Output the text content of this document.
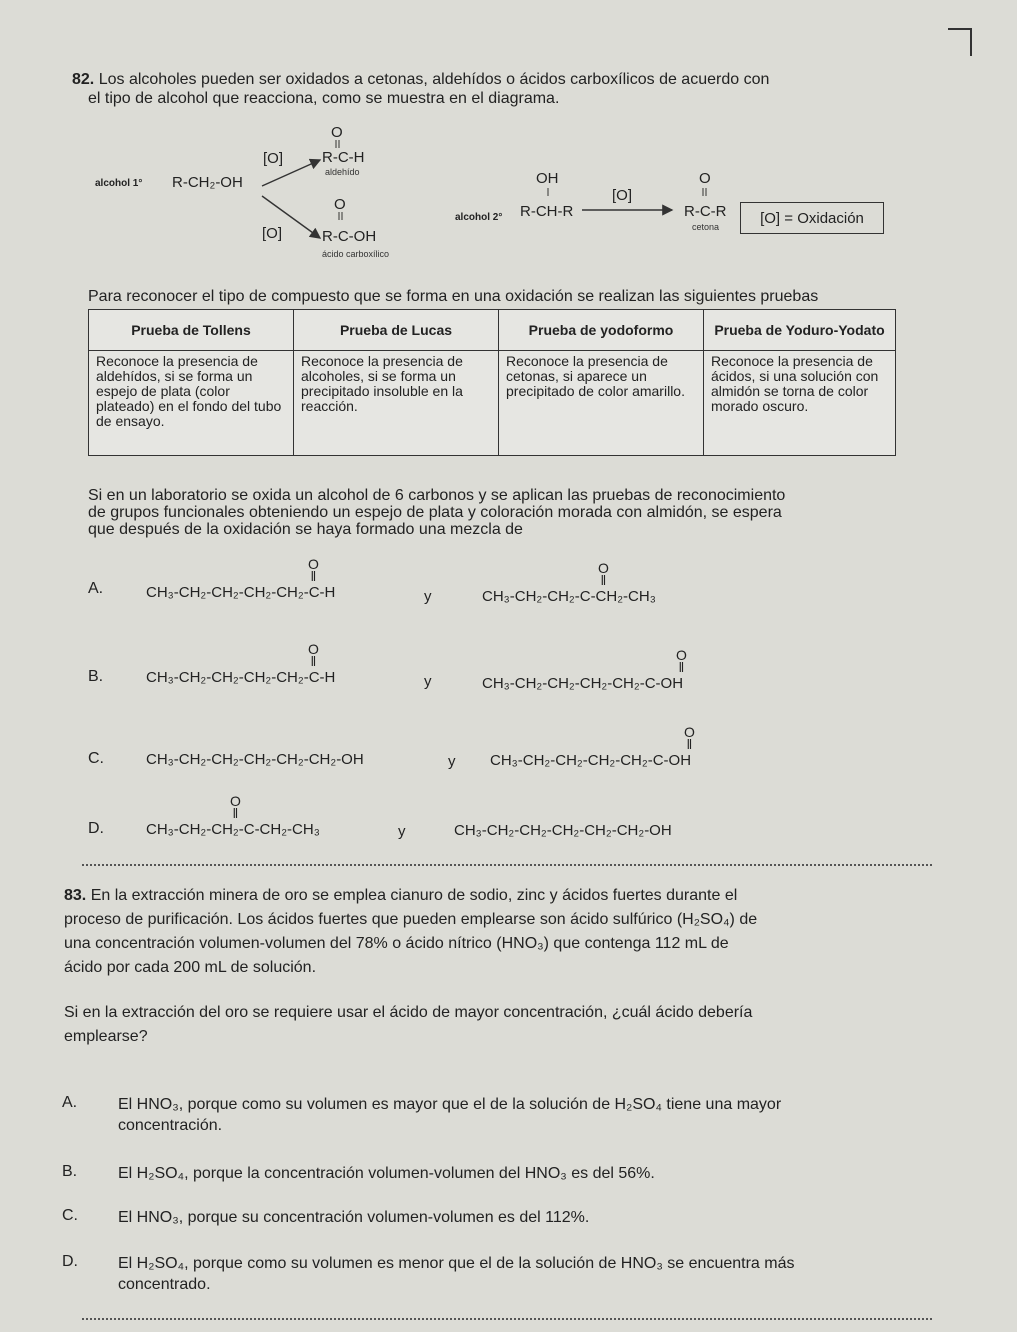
82. Los alcoholes pueden ser oxidados a cetonas, aldehídos o ácidos carboxílicos de acuerdo con
el tipo de alcohol que reacciona, como se muestra en el diagrama.
alcohol 1° R-CH₂-OH
[O]
O
R-C-H
aldehído
[O]
O
R-C-OH
ácido carboxílico
alcohol 2°
OH
R-CH-R
[O]
O
R-C-R
cetona
[O] = Oxidación
Para reconocer el tipo de compuesto que se forma en una oxidación se realizan las siguientes pruebas
Prueba de Tollens	Prueba de Lucas	Prueba de yodoformo	Prueba de Yoduro-Yodato
Reconoce la presencia de aldehídos, si se forma un espejo de plata (color plateado) en el fondo del tubo de ensayo.	Reconoce la presencia de alcoholes, si se forma un precipitado insoluble en la reacción.	Reconoce la presencia de cetonas, si aparece un precipitado de color amarillo.	Reconoce la presencia de ácidos, si una solución con almidón se torna de color morado oscuro.
Si en un laboratorio se oxida un alcohol de 6 carbonos y se aplican las pruebas de reconocimiento
de grupos funcionales obteniendo un espejo de plata y coloración morada con almidón, se espera
que después de la oxidación se haya formado una mezcla de
A.
O
‖
CH₃-CH₂-CH₂-CH₂-CH₂-C-H	y
O
‖
CH₃-CH₂-CH₂-C-CH₂-CH₃
B.
O
‖
CH₃-CH₂-CH₂-CH₂-CH₂-C-H	y
O
‖
CH₃-CH₂-CH₂-CH₂-CH₂-C-OH
C.	CH₃-CH₂-CH₂-CH₂-CH₂-CH₂-OH	y
O
‖
CH₃-CH₂-CH₂-CH₂-CH₂-C-OH
D.
O
‖
CH₃-CH₂-CH₂-C-CH₂-CH₃	y	CH₃-CH₂-CH₂-CH₂-CH₂-CH₂-OH
83. En la extracción minera de oro se emplea cianuro de sodio, zinc y ácidos fuertes durante el
proceso de purificación. Los ácidos fuertes que pueden emplearse son ácido sulfúrico (H₂SO₄) de
una concentración volumen-volumen del 78% o ácido nítrico (HNO₃) que contenga 112 mL de
ácido por cada 200 mL de solución.
Si en la extracción del oro se requiere usar el ácido de mayor concentración, ¿cuál ácido debería
emplearse?
A.	El HNO₃, porque como su volumen es mayor que el de la solución de H₂SO₄ tiene una mayor
concentración.
B.	El H₂SO₄, porque la concentración volumen-volumen del HNO₃ es del 56%.
C.	El HNO₃, porque su concentración volumen-volumen es del 112%.
D.	El H₂SO₄, porque como su volumen es menor que el de la solución de HNO₃ se encuentra más
concentrado.
